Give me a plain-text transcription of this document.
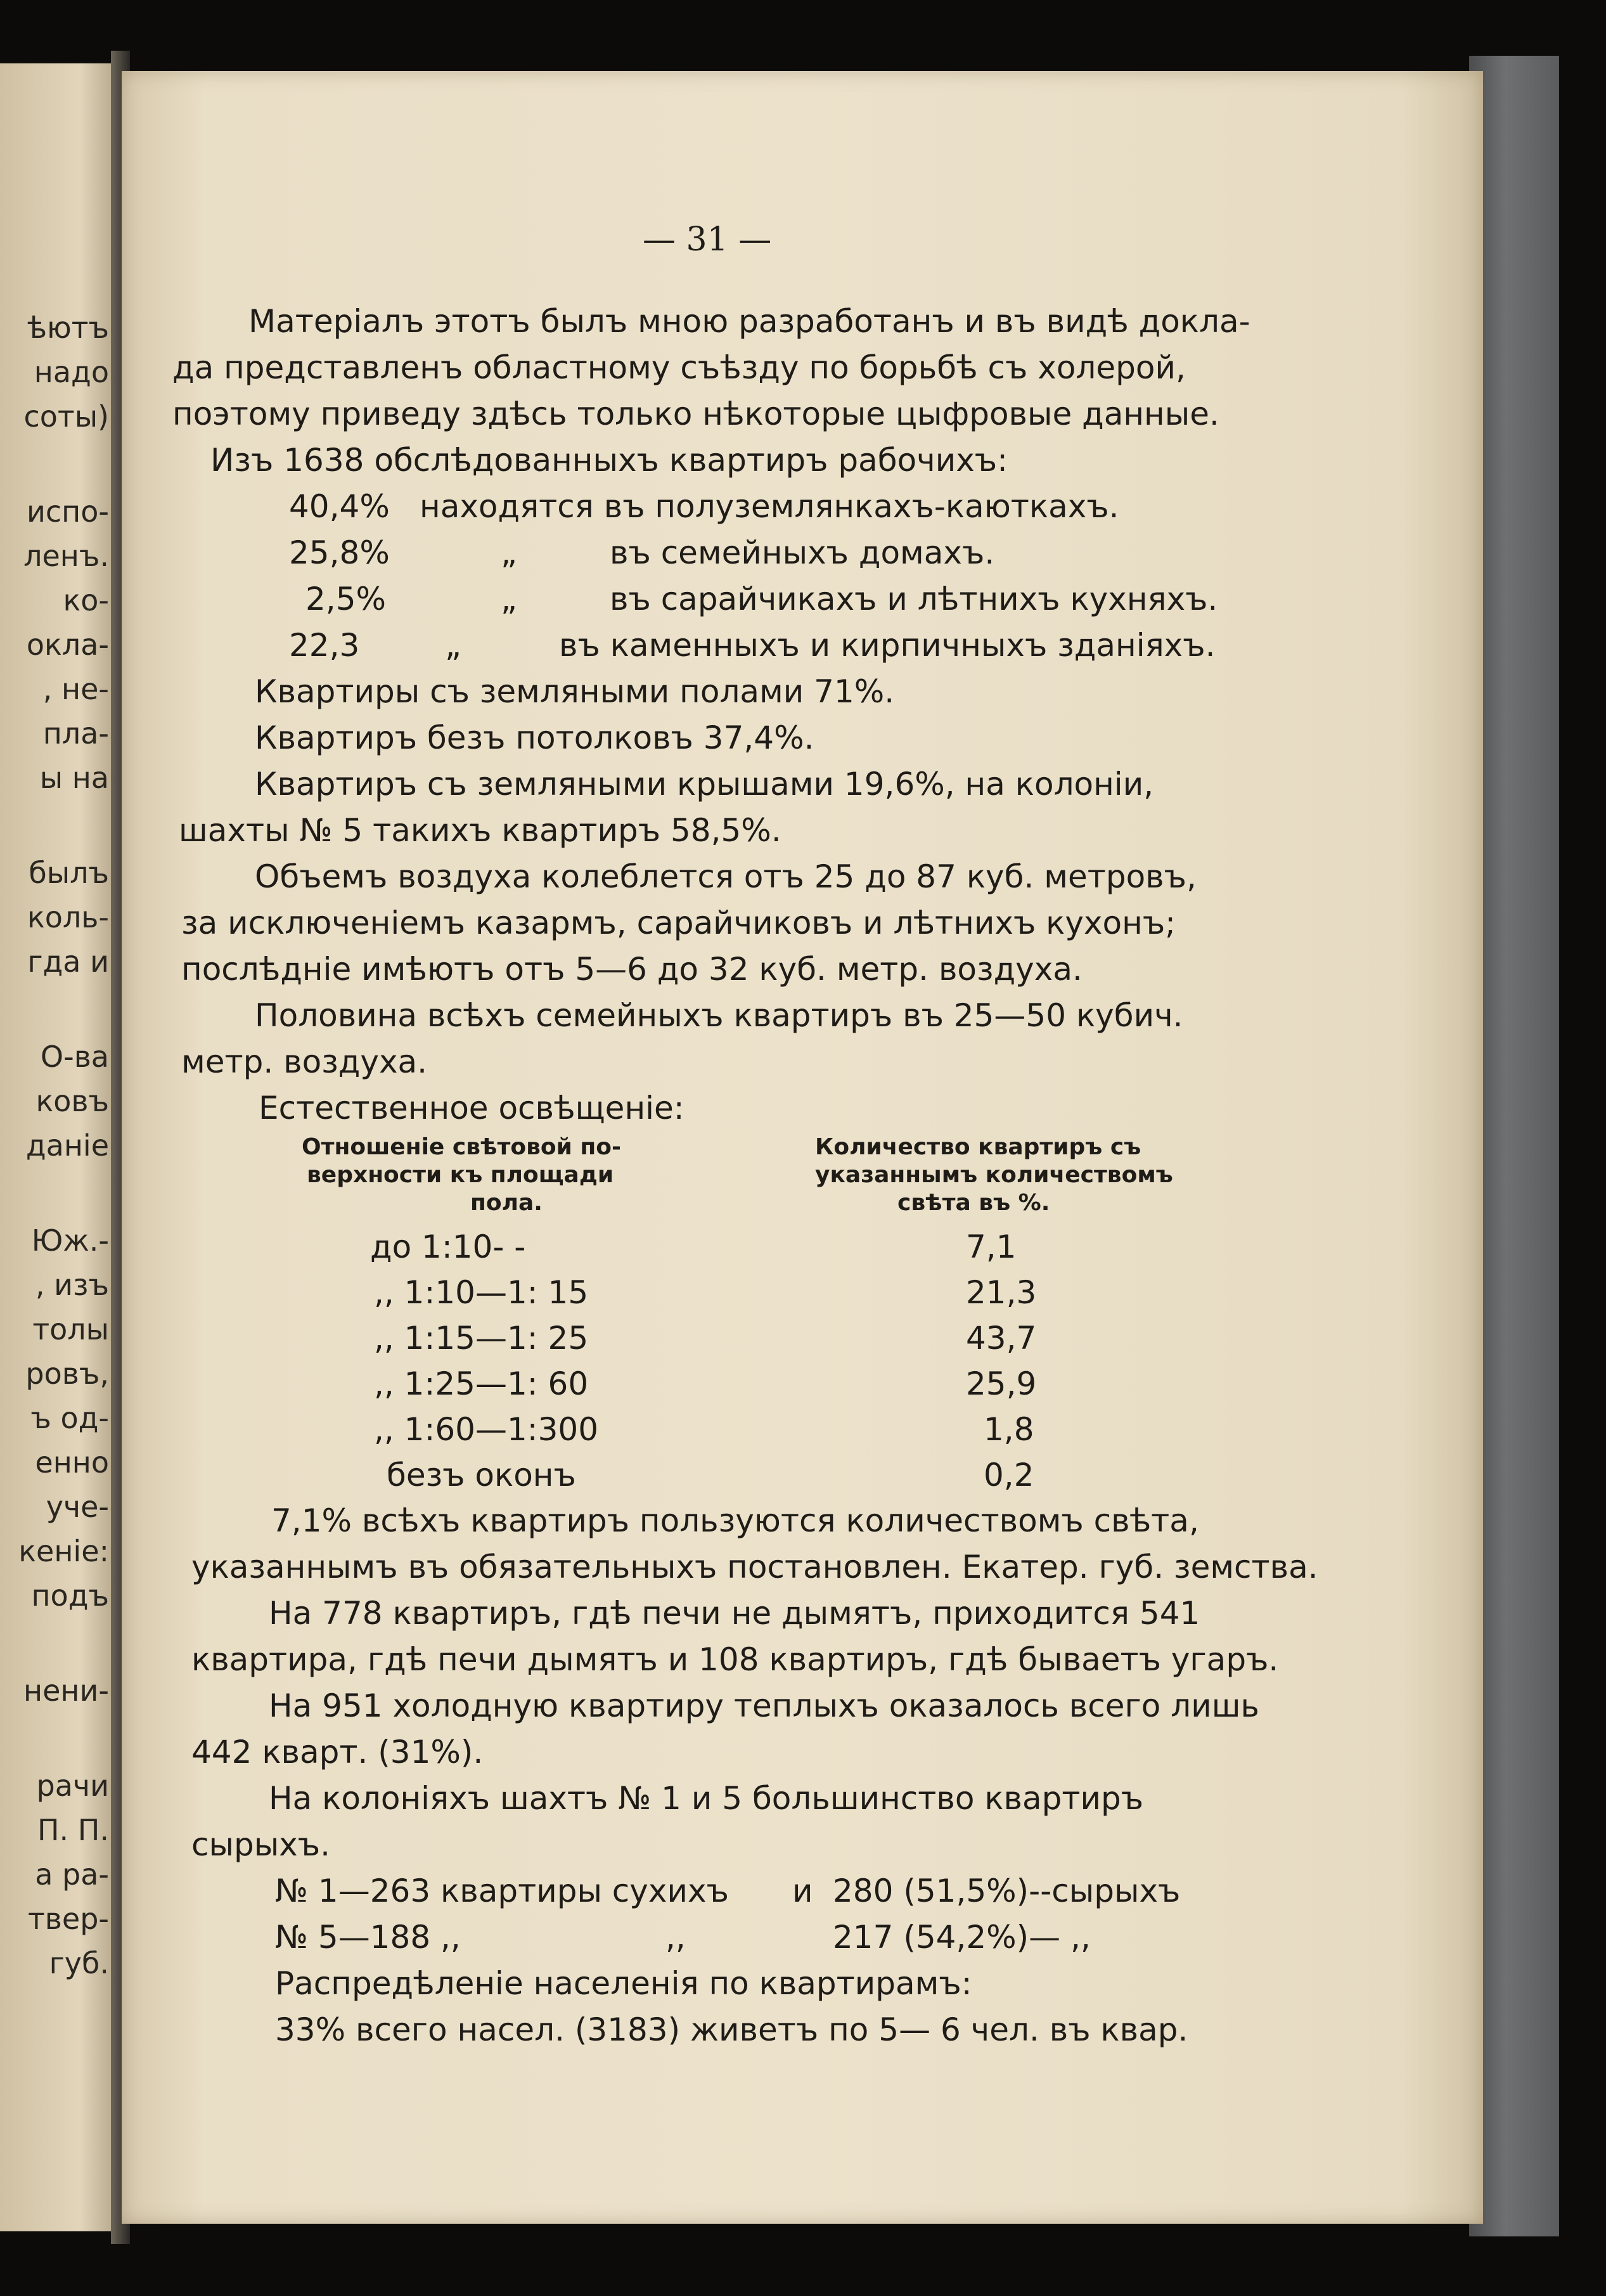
ѣютъ
надо
соты)
испо-
ленъ.
ко-
окла-
, не-
пла-
ы на
былъ
коль-
гда и
О-ва
ковъ
даніе
Юж.-
, изъ
толы
ровъ,
ъ од-
енно
уче-
кеніе:
подъ
нени-
рачи
П. П.
а ра-
твер-
губ.
— 31 —
Матеріалъ этотъ былъ мною разработанъ и въ видѣ докла-
да представленъ областному съѣзду по борьбѣ съ холерой,
поэтому приведу здѣсь только нѣкоторые цыфровые данные.
Изъ 1638 обслѣдованныхъ квартиръ рабочихъ:
40,4% находятся въ полуземлянкахъ-каюткахъ.
25,8%	„	въ семейныхъ домахъ.
2,5%	„	въ сарайчикахъ и лѣтнихъ кухняхъ.
22,3	„	въ каменныхъ и кирпичныхъ зданіяхъ.
Квартиры съ земляными полами 71%.
Квартиръ безъ потолковъ 37,4%.
Квартиръ съ земляными крышами 19,6%, на колоніи,
шахты № 5 такихъ квартиръ 58,5%.
Объемъ воздуха колеблется отъ 25 до 87 куб. метровъ,
за исключеніемъ казармъ, сарайчиковъ и лѣтнихъ кухонъ;
послѣдніе имѣютъ отъ 5—6 до 32 куб. метр. воздуха.
Половина всѣхъ семейныхъ квартиръ въ 25—50 кубич.
метр. воздуха.
Естественное освѣщеніе:
Отношеніе свѣтовой по-
верхности къ площади
пола.
Количество квартиръ съ
указаннымъ количествомъ
свѣта въ %.
до 1:10- -	7,1
,, 1:10—1: 15	21,3
,, 1:15—1: 25	43,7
,, 1:25—1: 60	25,9
,, 1:60—1:300	1,8
безъ оконъ	0,2
7,1% всѣхъ квартиръ пользуются количествомъ свѣта,
указаннымъ въ обязательныхъ постановлен. Екатер. губ. земства.
На 778 квартиръ, гдѣ печи не дымятъ, приходится 541
квартира, гдѣ печи дымятъ и 108 квартиръ, гдѣ бываетъ угаръ.
На 951 холодную квартиру теплыхъ оказалось всего лишь
442 кварт. (31%).
На колоніяхъ шахтъ № 1 и 5 большинство квартиръ
сырыхъ.
№ 1—263 квартиры сухихъ и 280 (51,5%)--сырыхъ
№ 5—188 ,,	,,	217 (54,2%)— ,,
Распредѣленіе населенія по квартирамъ:
33% всего насел. (3183) живетъ по 5— 6 чел. въ квар.
